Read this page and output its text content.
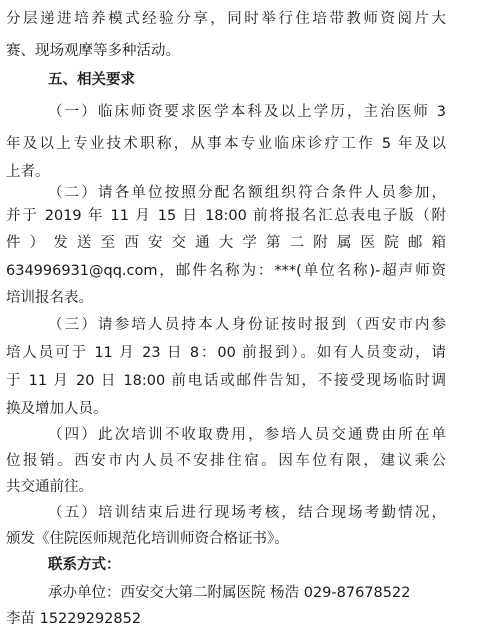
分层递进培养模式经验分享，同时举行住培带教师资阅片大
赛、现场观摩等多种活动。
五、相关要求
（一）临床师资要求医学本科及以上学历，主治医师 3
年及以上专业技术职称，从事本专业临床诊疗工作 5 年及以
上者。
（二）请各单位按照分配名额组织符合条件人员参加，
并于 2019 年 11 月 15 日 18:00 前将报名汇总表电子版（附
件）发送至西安交通大学第二附属医院邮箱
634996931@qq.com，邮件名称为：***(单位名称)-超声师资
培训报名表。
（三）请参培人员持本人身份证按时报到（西安市内参
培人员可于 11 月 23 日 8：00 前报到）。如有人员变动，请
于 11 月 20 日 18:00 前电话或邮件告知，不接受现场临时调
换及增加人员。
（四）此次培训不收取费用，参培人员交通费由所在单
位报销。西安市内人员不安排住宿。因车位有限，建议乘公
共交通前往。
（五）培训结束后进行现场考核，结合现场考勤情况，
颁发《住院医师规范化培训师资合格证书》。
联系方式：
承办单位：西安交大第二附属医院 杨浩 029-87678522
李苗 15229292852
